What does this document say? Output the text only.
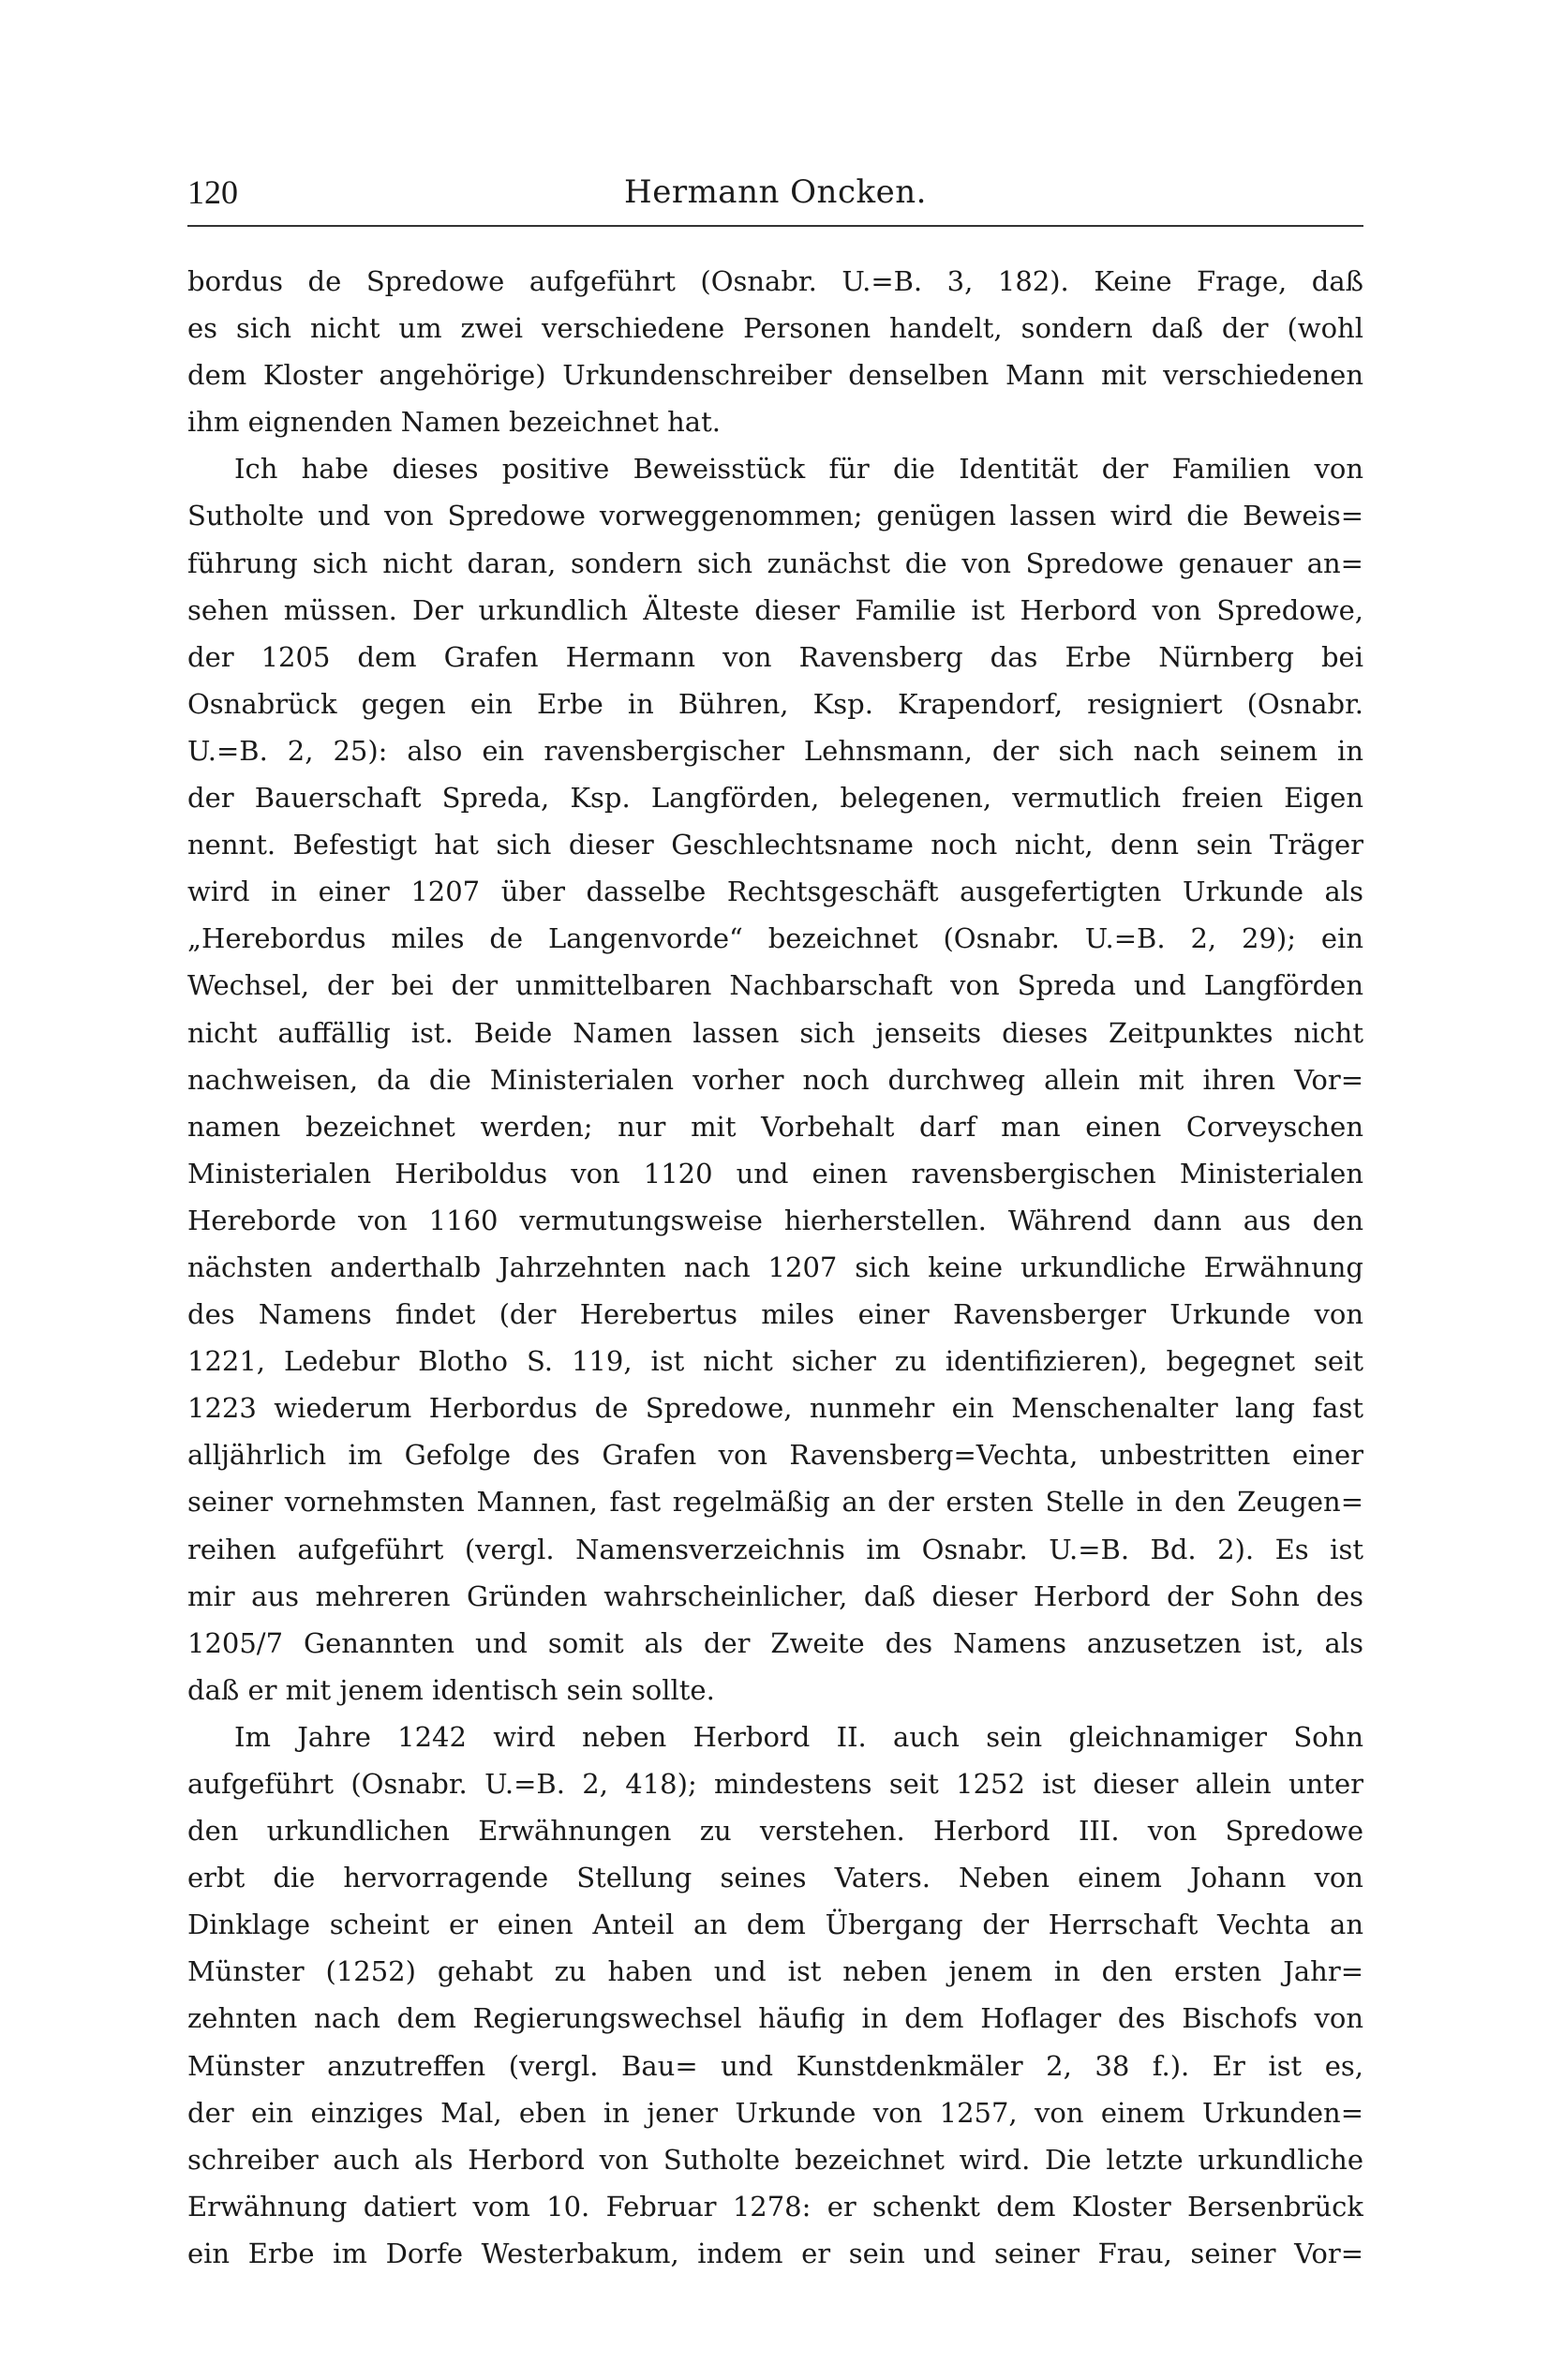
120	Hermann Oncken.
bordus de Spredowe aufgeführt (Osnabr. U.=B. 3, 182). Keine Frage, daß
es sich nicht um zwei verschiedene Personen handelt, sondern daß der (wohl
dem Kloster angehörige) Urkundenschreiber denselben Mann mit verschiedenen
ihm eignenden Namen bezeichnet hat.
Ich habe dieses positive Beweisstück für die Identität der Familien von
Sutholte und von Spredowe vorweggenommen; genügen lassen wird die Beweis=
führung sich nicht daran, sondern sich zunächst die von Spredowe genauer an=
sehen müssen. Der urkundlich Älteste dieser Familie ist Herbord von Spredowe,
der 1205 dem Grafen Hermann von Ravensberg das Erbe Nürnberg bei
Osnabrück gegen ein Erbe in Bühren, Ksp. Krapendorf, resigniert (Osnabr.
U.=B. 2, 25): also ein ravensbergischer Lehnsmann, der sich nach seinem in
der Bauerschaft Spreda, Ksp. Langförden, belegenen, vermutlich freien Eigen
nennt. Befestigt hat sich dieser Geschlechtsname noch nicht, denn sein Träger
wird in einer 1207 über dasselbe Rechtsgeschäft ausgefertigten Urkunde als
„Herebordus miles de Langenvorde“ bezeichnet (Osnabr. U.=B. 2, 29); ein
Wechsel, der bei der unmittelbaren Nachbarschaft von Spreda und Langförden
nicht auffällig ist. Beide Namen lassen sich jenseits dieses Zeitpunktes nicht
nachweisen, da die Ministerialen vorher noch durchweg allein mit ihren Vor=
namen bezeichnet werden; nur mit Vorbehalt darf man einen Corveyschen
Ministerialen Heriboldus von 1120 und einen ravensbergischen Ministerialen
Hereborde von 1160 vermutungsweise hierherstellen. Während dann aus den
nächsten anderthalb Jahrzehnten nach 1207 sich keine urkundliche Erwähnung
des Namens findet (der Herebertus miles einer Ravensberger Urkunde von
1221, Ledebur Blotho S. 119, ist nicht sicher zu identifizieren), begegnet seit
1223 wiederum Herbordus de Spredowe, nunmehr ein Menschenalter lang fast
alljährlich im Gefolge des Grafen von Ravensberg=Vechta, unbestritten einer
seiner vornehmsten Mannen, fast regelmäßig an der ersten Stelle in den Zeugen=
reihen aufgeführt (vergl. Namensverzeichnis im Osnabr. U.=B. Bd. 2). Es ist
mir aus mehreren Gründen wahrscheinlicher, daß dieser Herbord der Sohn des
1205/7 Genannten und somit als der Zweite des Namens anzusetzen ist, als
daß er mit jenem identisch sein sollte.
Im Jahre 1242 wird neben Herbord II. auch sein gleichnamiger Sohn
aufgeführt (Osnabr. U.=B. 2, 418); mindestens seit 1252 ist dieser allein unter
den urkundlichen Erwähnungen zu verstehen. Herbord III. von Spredowe
erbt die hervorragende Stellung seines Vaters. Neben einem Johann von
Dinklage scheint er einen Anteil an dem Übergang der Herrschaft Vechta an
Münster (1252) gehabt zu haben und ist neben jenem in den ersten Jahr=
zehnten nach dem Regierungswechsel häufig in dem Hoflager des Bischofs von
Münster anzutreffen (vergl. Bau= und Kunstdenkmäler 2, 38 f.). Er ist es,
der ein einziges Mal, eben in jener Urkunde von 1257, von einem Urkunden=
schreiber auch als Herbord von Sutholte bezeichnet wird. Die letzte urkundliche
Erwähnung datiert vom 10. Februar 1278: er schenkt dem Kloster Bersenbrück
ein Erbe im Dorfe Westerbakum, indem er sein und seiner Frau, seiner Vor=
